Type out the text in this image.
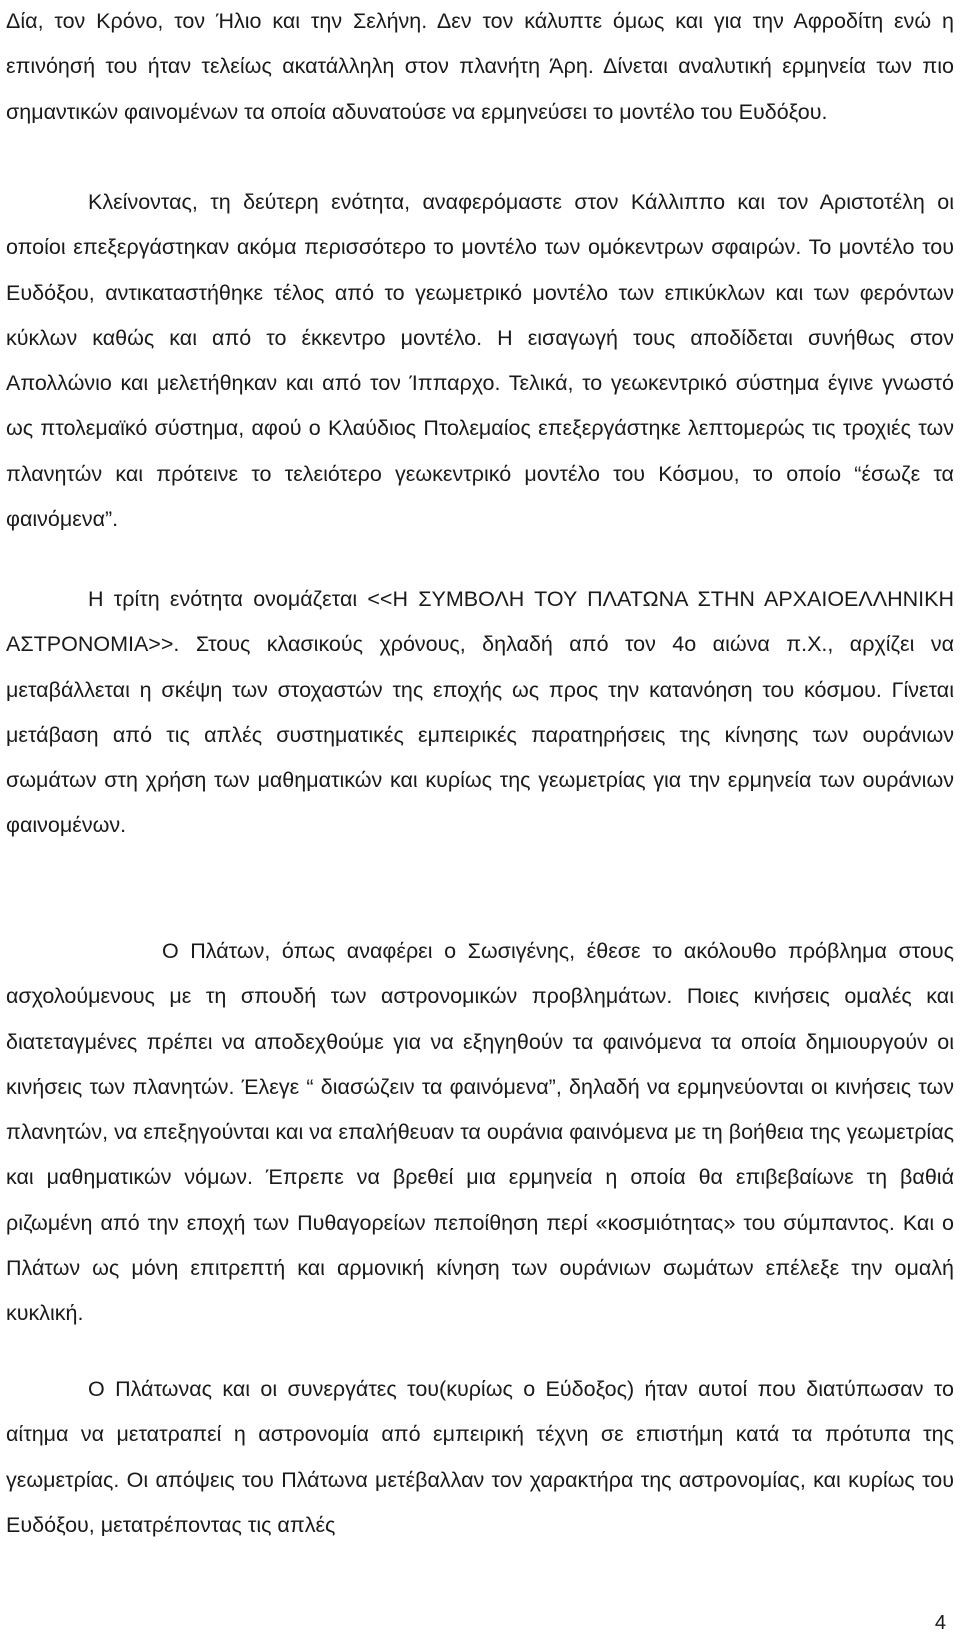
Δία, τον Κρόνο, τον Ήλιο και την Σελήνη. Δεν τον κάλυπτε όμως και για την Αφροδίτη ενώ η επινόησή του ήταν τελείως ακατάλληλη στον πλανήτη Άρη. Δίνεται αναλυτική ερμηνεία των πιο σημαντικών φαινομένων τα οποία αδυνατούσε να ερμηνεύσει το μοντέλο του Ευδόξου.

Κλείνοντας, τη δεύτερη ενότητα, αναφερόμαστε στον Κάλλιππο και τον Αριστοτέλη οι οποίοι επεξεργάστηκαν ακόμα περισσότερο το μοντέλο των ομόκεντρων σφαιρών. Το μοντέλο του Ευδόξου, αντικαταστήθηκε τέλος από το γεωμετρικό μοντέλο των επικύκλων και των φερόντων κύκλων καθώς και από το έκκεντρο μοντέλο. Η εισαγωγή τους αποδίδεται συνήθως στον Απολλώνιο και μελετήθηκαν και από τον Ίππαρχο. Τελικά, το γεωκεντρικό σύστημα έγινε γνωστό ως πτολεμαϊκό σύστημα, αφού ο Κλαύδιος Πτολεμαίος επεξεργάστηκε λεπτομερώς τις τροχιές των πλανητών και πρότεινε το τελειότερο γεωκεντρικό μοντέλο του Κόσμου, το οποίο “έσωζε τα φαινόμενα”.

Η τρίτη ενότητα ονομάζεται <<Η ΣΥΜΒΟΛΗ ΤΟΥ ΠΛΑΤΩΝΑ ΣΤΗΝ ΑΡΧΑΙΟΕΛΛΗΝΙΚΗ ΑΣΤΡΟΝΟΜΙΑ>>. Στους κλασικούς χρόνους, δηλαδή από τον 4ο αιώνα π.Χ., αρχίζει να μεταβάλλεται η σκέψη των στοχαστών της εποχής ως προς την κατανόηση του κόσμου. Γίνεται μετάβαση από τις απλές συστηματικές εμπειρικές παρατηρήσεις της κίνησης των ουράνιων σωμάτων στη χρήση των μαθηματικών και κυρίως της γεωμετρίας για την ερμηνεία των ουράνιων φαινομένων.

Ο Πλάτων, όπως αναφέρει ο Σωσιγένης, έθεσε το ακόλουθο πρόβλημα στους ασχολούμενους με τη σπουδή των αστρονομικών προβλημάτων. Ποιες κινήσεις ομαλές και διατεταγμένες πρέπει να αποδεχθούμε για να εξηγηθούν τα φαινόμενα τα οποία δημιουργούν οι κινήσεις των πλανητών. Έλεγε “ διασώζειν τα φαινόμενα”, δηλαδή να ερμηνεύονται οι κινήσεις των πλανητών, να επεξηγούνται και να επαλήθευαν τα ουράνια φαινόμενα με τη βοήθεια της γεωμετρίας και μαθηματικών νόμων. Έπρεπε να βρεθεί μια ερμηνεία η οποία θα επιβεβαίωνε τη βαθιά ριζωμένη από την εποχή των Πυθαγορείων πεποίθηση περί «κοσμιότητας» του σύμπαντος. Και ο Πλάτων ως μόνη επιτρεπτή και αρμονική κίνηση των ουράνιων σωμάτων επέλεξε την ομαλή κυκλική.

Ο Πλάτωνας και οι συνεργάτες του(κυρίως ο Εύδοξος) ήταν αυτοί που διατύπωσαν το αίτημα να μετατραπεί η αστρονομία από εμπειρική τέχνη σε επιστήμη κατά τα πρότυπα της γεωμετρίας. Οι απόψεις του Πλάτωνα μετέβαλλαν τον χαρακτήρα της αστρονομίας, και κυρίως του Ευδόξου, μετατρέποντας τις απλές

4
